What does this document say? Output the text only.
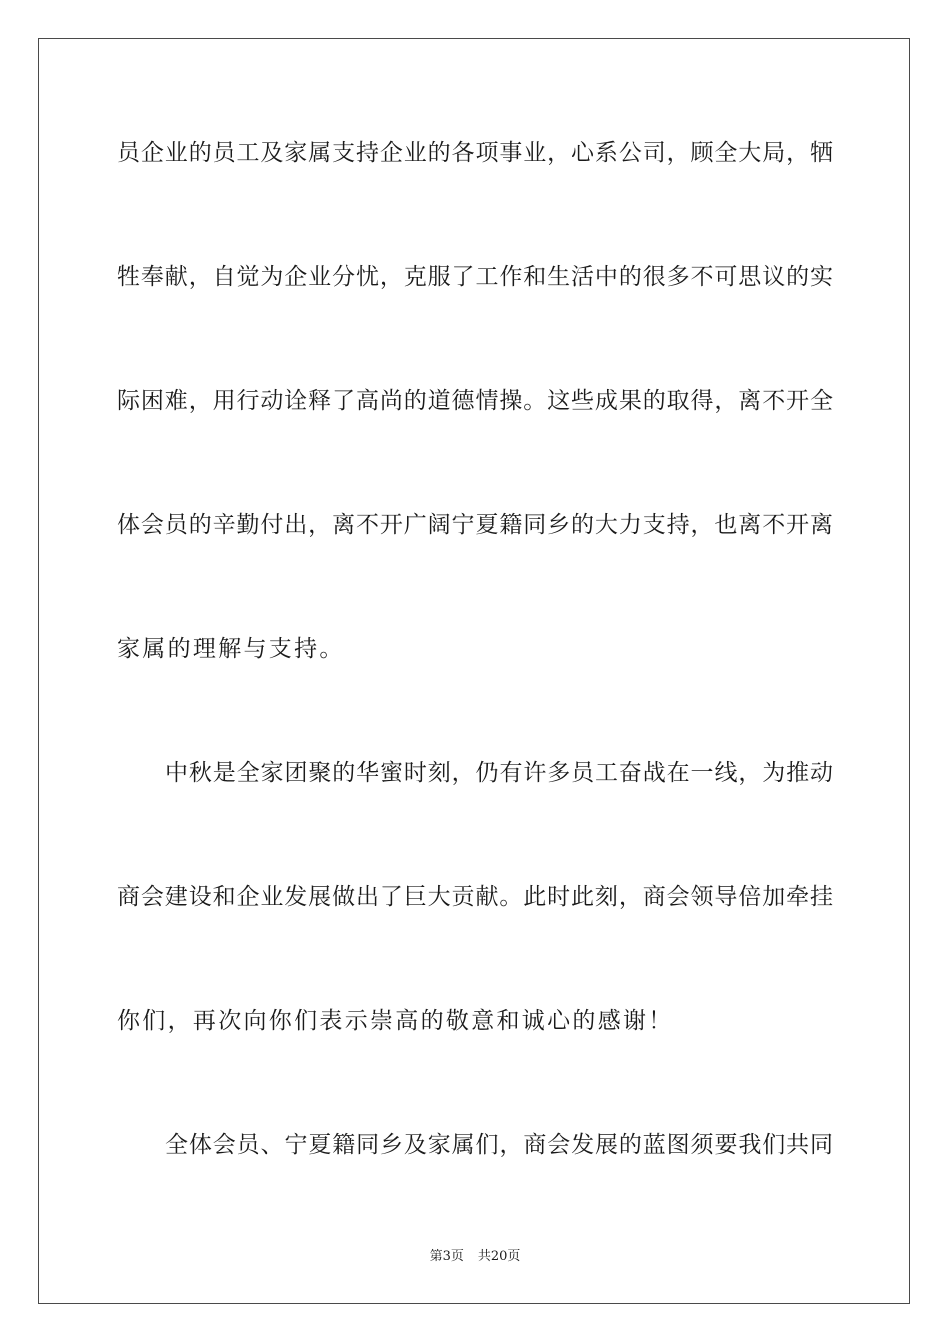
员企业的员工及家属支持企业的各项事业，心系公司，顾全大局，牺
牲奉献，自觉为企业分忧，克服了工作和生活中的很多不可思议的实
际困难，用行动诠释了高尚的道德情操。这些成果的取得，离不开全
体会员的辛勤付出，离不开广阔宁夏籍同乡的大力支持，也离不开离
家属的理解与支持。
中秋是全家团聚的华蜜时刻，仍有许多员工奋战在一线，为推动
商会建设和企业发展做出了巨大贡献。此时此刻，商会领导倍加牵挂
你们，再次向你们表示崇高的敬意和诚心的感谢！
全体会员、宁夏籍同乡及家属们，商会发展的蓝图须要我们共同
第3页 共20页
